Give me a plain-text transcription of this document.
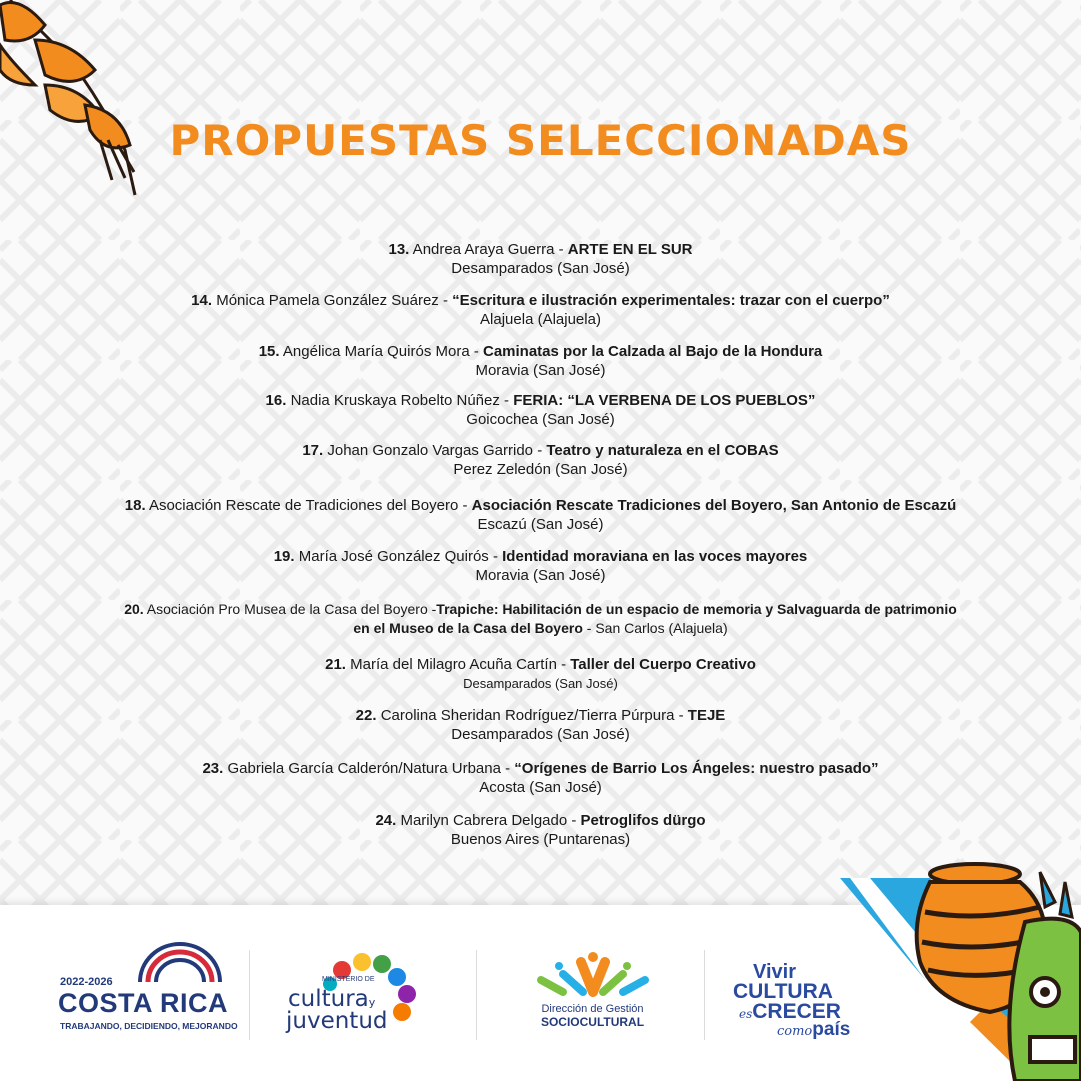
PROPUESTAS SELECCIONADAS
13. Andrea Araya Guerra - ARTE EN EL SUR
Desamparados (San José)
14. Mónica Pamela González Suárez - “Escritura e ilustración experimentales: trazar con el cuerpo”
Alajuela (Alajuela)
15. Angélica María Quirós Mora - Caminatas por la Calzada al Bajo de la Hondura
Moravia (San José)
16. Nadia Kruskaya Robelto Núñez - FERIA: “LA VERBENA DE LOS PUEBLOS”
Goicochea (San José)
17. Johan Gonzalo Vargas Garrido - Teatro y naturaleza en el COBAS
Perez Zeledón (San José)
18. Asociación Rescate de Tradiciones del Boyero - Asociación Rescate Tradiciones del Boyero, San Antonio de Escazú
Escazú (San José)
19. María José González Quirós - Identidad moraviana en las voces mayores
Moravia (San José)
20. Asociación Pro Musea de la Casa del Boyero -Trapiche: Habilitación de un espacio de memoria y Salvaguarda de patrimonio
en el Museo de la Casa del Boyero - San Carlos (Alajuela)
21. María del Milagro Acuña Cartín - Taller del Cuerpo Creativo
Desamparados (San José)
22. Carolina Sheridan Rodríguez/Tierra Púrpura - TEJE
Desamparados (San José)
23. Gabriela García Calderón/Natura Urbana - “Orígenes de Barrio Los Ángeles: nuestro pasado”
Acosta (San José)
24. Marilyn Cabrera Delgado - Petroglifos dürgo
Buenos Aires (Puntarenas)
2022-2026
COSTA RICA
TRABAJANDO, DECIDIENDO, MEJORANDO
MINISTERIO DE
culturay
juventud	Dirección de Gestión
SOCIOCULTURAL
Vivir
CULTURA
esCRECER
comopaís
